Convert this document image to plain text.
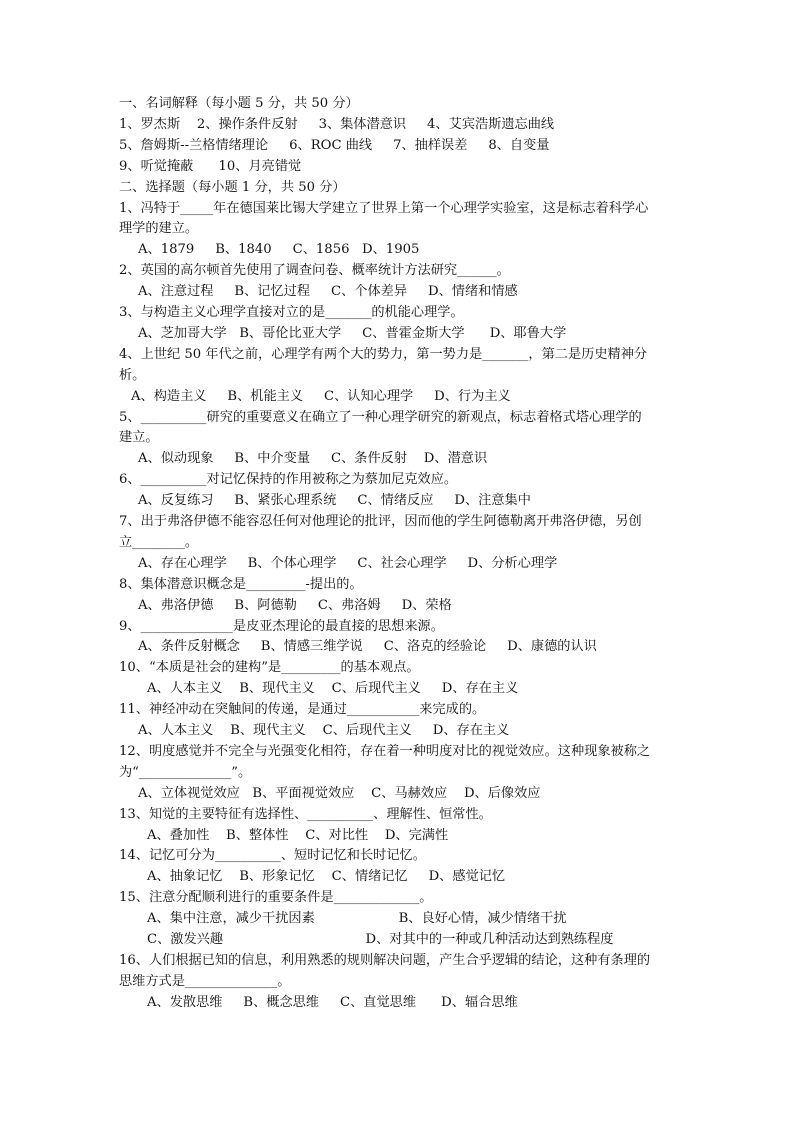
一、名词解释（每小题 5 分，共 50 分）
1、罗杰斯    2、操作条件反射     3、集体潜意识     4、艾宾浩斯遗忘曲线
5、詹姆斯--兰格情绪理论     6、ROC 曲线     7、抽样误差     8、自变量
9、听觉掩蔽      10、月亮错觉
二、选择题（每小题 1 分，共 50 分）
1、冯特于_____年在德国莱比锡大学建立了世界上第一个心理学实验室，这是标志着科学心
理学的建立。
A、1879     B、1840     C、1856   D、1905
2、英国的高尔顿首先使用了调查问卷、概率统计方法研究______。
A、注意过程     B、记忆过程     C、个体差异     D、情绪和情感
3、与构造主义心理学直接对立的是_______的机能心理学。
A、芝加哥大学   B、哥伦比亚大学     C、普霍金斯大学      D、耶鲁大学
4、上世纪 50 年代之前，心理学有两个大的势力，第一势力是_______，第二是历史精神分
析。
A、构造主义     B、机能主义     C、认知心理学     D、行为主义
5、__________研究的重要意义在确立了一种心理学研究的新观点，标志着格式塔心理学的
建立。
A、似动现象     B、中介变量     C、条件反射    D、潜意识
6、__________对记忆保持的作用被称之为蔡加尼克效应。
A、反复练习     B、紧张心理系统     C、情绪反应     D、注意集中
7、出于弗洛伊德不能容忍任何对他理论的批评，因而他的学生阿德勒离开弗洛伊德，另创
立________。
A、存在心理学     B、个体心理学     C、社会心理学     D、分析心理学
8、集体潜意识概念是_________-提出的。
A、弗洛伊德     B、阿德勒     C、弗洛姆     D、荣格
9、______________是皮亚杰理论的最直接的思想来源。
A、条件反射概念     B、情感三维学说     C、洛克的经验论     D、康德的认识
10、“本质是社会的建构”是_________的基本观点。
A、人本主义    B、现代主义    C、后现代主义     D、存在主义
11、神经冲动在突触间的传递，是通过___________来完成的。
A、人本主义    B、现代主义    C、后现代主义     D、存在主义
12、明度感觉并不完全与光强变化相符，存在着一种明度对比的视觉效应。这种现象被称之
为“______________”。
A、立体视觉效应   B、平面视觉效应    C、马赫效应    D、后像效应
13、知觉的主要特征有选择性、__________、理解性、恒常性。
A、叠加性    B、整体性    C、对比性    D、完满性
14、记忆可分为__________、短时记忆和长时记忆。
A、抽象记忆    B、形象记忆    C、情绪记忆     D、感觉记忆
15、注意分配顺利进行的重要条件是_____________。
A、集中注意，减少干扰因素                    B、良好心情，减少情绪干扰
C、激发兴趣                                  D、对其中的一种或几种活动达到熟练程度
16、人们根据已知的信息，利用熟悉的规则解决问题，产生合乎逻辑的结论，这种有条理的
思维方式是______________。
A、发散思维     B、概念思维     C、直觉思维      D、辐合思维
